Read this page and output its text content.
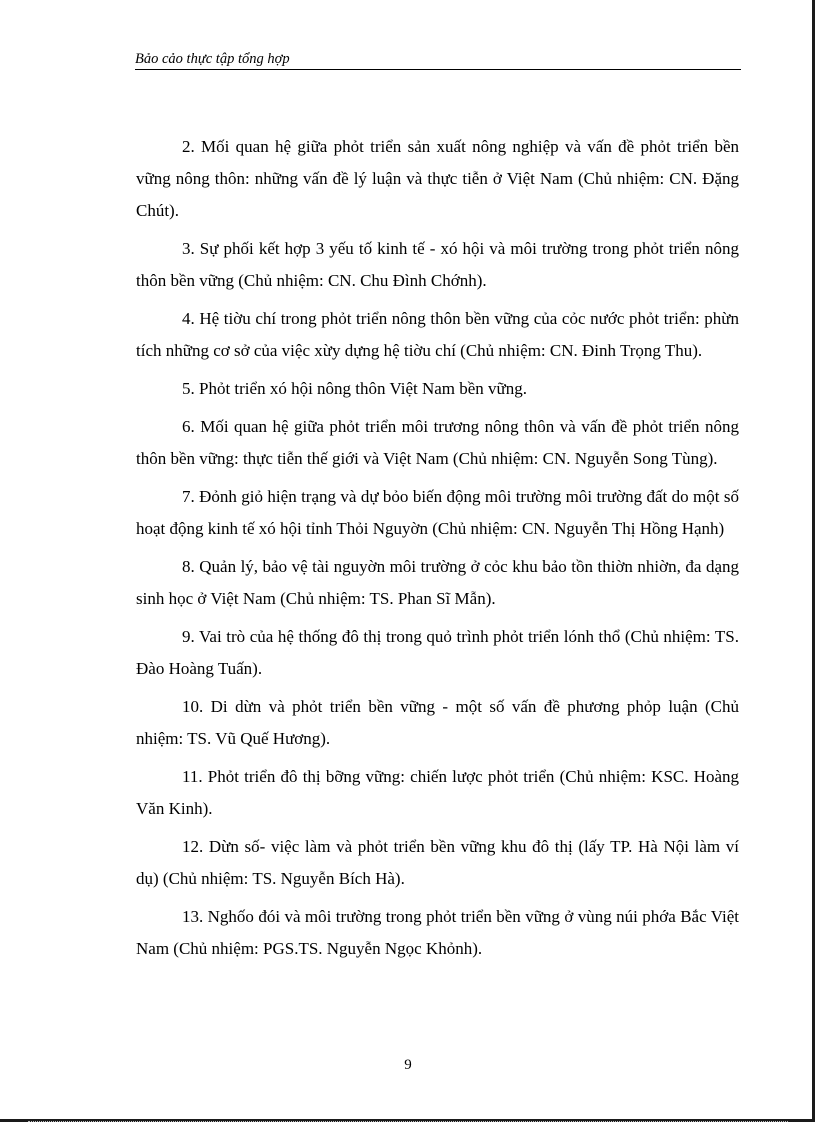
Bảo cảo thực tập tổng hợp

2. Mối quan hệ giữa phỏt triển sản xuất nông nghiệp và vấn đề phỏt triển bền vững nông thôn: những vấn đề lý luận và thực tiễn ở Việt Nam (Chủ nhiệm: CN. Đặng Chút).

3. Sự phối kết hợp 3 yếu tố kinh tế - xó hội và môi trường trong phỏt triển nông thôn bền vững (Chủ nhiệm: CN. Chu Đình Chớnh).

4. Hệ tiờu chí trong phỏt triển nông thôn bền vững của cỏc nước phỏt triển: phừn tích những cơ sở của việc xừy dựng hệ tiờu chí (Chủ nhiệm: CN. Đinh Trọng Thu).

5. Phỏt triển xó hội nông thôn Việt Nam bền vững.

6. Mối quan hệ giữa phỏt triển môi trương nông thôn và vấn đề phỏt triển nông thôn bền vững: thực tiễn thế giới và Việt Nam (Chủ nhiệm: CN. Nguyễn Song Tùng).

7. Đỏnh giỏ hiện trạng và dự bỏo biến động môi trường môi trường đất do một số hoạt động kinh tế xó hội tỉnh Thỏi Nguyờn (Chủ nhiệm: CN. Nguyễn Thị Hồng Hạnh)

8. Quản lý, bảo vệ tài nguyờn môi trường ở cỏc khu bảo tồn thiờn nhiờn, đa dạng sinh học ở Việt Nam (Chủ nhiệm: TS. Phan Sĩ Mẫn).

9. Vai trò của hệ thống đô thị trong quỏ trình phỏt triển lónh thổ (Chủ nhiệm: TS. Đào Hoàng Tuấn).

10. Di dừn và phỏt triển bền vững - một số vấn đề phương phỏp luận (Chủ nhiệm: TS. Vũ Quế Hương).

11. Phỏt triển đô thị bỡng vững: chiến lược phỏt triển (Chủ nhiệm: KSC. Hoàng Văn Kinh).

12. Dừn số- việc làm và phỏt triển bền vững khu đô thị (lấy TP. Hà Nội làm ví dụ) (Chủ nhiệm: TS. Nguyễn Bích Hà).

13. Nghốo đói và môi trường trong phỏt triển bền vững ở vùng núi phớa Bắc Việt Nam (Chủ nhiệm: PGS.TS. Nguyễn Ngọc Khỏnh).

9
